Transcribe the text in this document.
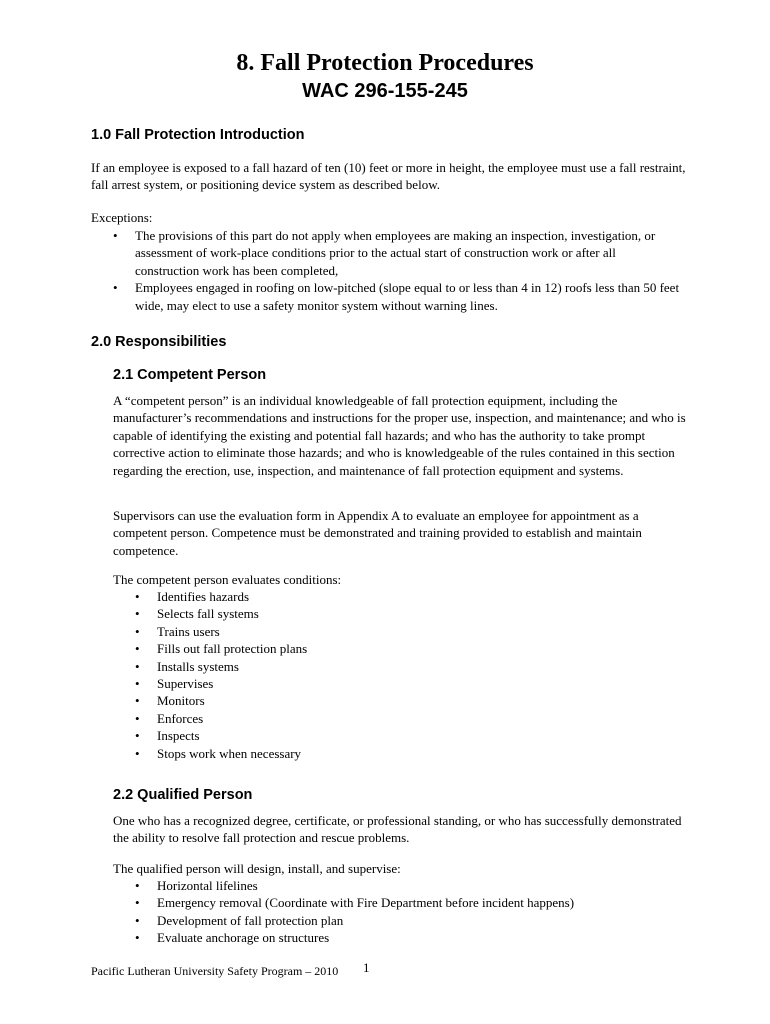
8. Fall Protection Procedures
WAC 296-155-245
1.0 Fall Protection Introduction

If an employee is exposed to a fall hazard of ten (10) feet or more in height, the employee must use a fall restraint, fall arrest system, or positioning device system as described below.

Exceptions:

• The provisions of this part do not apply when employees are making an inspection, investigation, or assessment of work-place conditions prior to the actual start of construction work or after all construction work has been completed,
• Employees engaged in roofing on low-pitched (slope equal to or less than 4 in 12) roofs less than 50 feet wide, may elect to use a safety monitor system without warning lines.
2.0 Responsibilities
2.1 Competent Person

A “competent person” is an individual knowledgeable of fall protection equipment, including the manufacturer’s recommendations and instructions for the proper use, inspection, and maintenance; and who is capable of identifying the existing and potential fall hazards; and who has the authority to take prompt corrective action to eliminate those hazards; and who is knowledgeable of the rules contained in this section regarding the erection, use, inspection, and maintenance of fall protection equipment and systems.

Supervisors can use the evaluation form in Appendix A to evaluate an employee for appointment as a competent person. Competence must be demonstrated and training provided to establish and maintain competence.

The competent person evaluates conditions:

• Identifies hazards
• Selects fall systems
• Trains users
• Fills out fall protection plans
• Installs systems
• Supervises
• Monitors
• Enforces
• Inspects
• Stops work when necessary
2.2 Qualified Person

One who has a recognized degree, certificate, or professional standing, or who has successfully demonstrated the ability to resolve fall protection and rescue problems.

The qualified person will design, install, and supervise:

• Horizontal lifelines
• Emergency removal (Coordinate with Fire Department before incident happens)
• Development of fall protection plan
• Evaluate anchorage on structures
Pacific Lutheran University Safety Program – 2010 1
